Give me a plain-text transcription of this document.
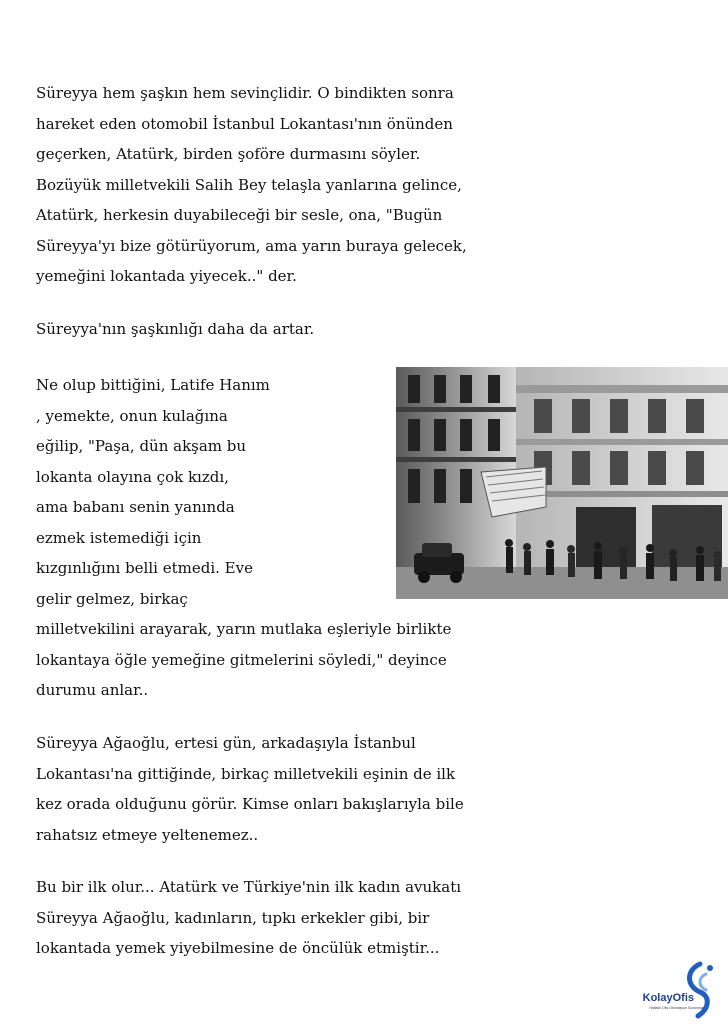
Süreyya hem şaşkın hem sevinçlidir. O bindikten sonra
hareket eden otomobil İstanbul Lokantası'nın önünden
geçerken, Atatürk, birden şoföre durmasını söyler.
Bozüyük milletvekili Salih Bey telaşla yanlarına gelince,
Atatürk, herkesin duyabileceği bir sesle, ona, "Bugün
Süreyya'yı bize götürüyorum, ama yarın buraya gelecek,
yemeğini lokantada yiyecek.." der.
Süreyya'nın şaşkınlığı daha da artar.
Ne olup bittiğini, Latife Hanım
, yemekte, onun kulağına
eğilip, "Paşa, dün akşam bu
lokanta olayına çok kızdı,
ama babanı senin yanında
ezmek istemediği için
kızgınlığını belli etmedi. Eve
gelir gelmez, birkaç
milletvekilini arayarak, yarın mutlaka eşleriyle birlikte
lokantaya öğle yemeğine gitmelerini söyledi," deyince
durumu anlar..
Süreyya Ağaoğlu, ertesi gün, arkadaşıyla İstanbul
Lokantası'na gittiğinde, birkaç milletvekili eşinin de ilk
kez orada olduğunu görür. Kimse onları bakışlarıyla bile
rahatsız etmeye yeltenemez..
Bu bir ilk olur... Atatürk ve Türkiye'nin ilk kadın avukatı
Süreyya Ağaoğlu, kadınların, tıpkı erkekler gibi, bir
lokantada yemek yiyebilmesine de öncülük etmiştir...
KolayOfis
Haftalık Ofis Otomasyon Sunumları
